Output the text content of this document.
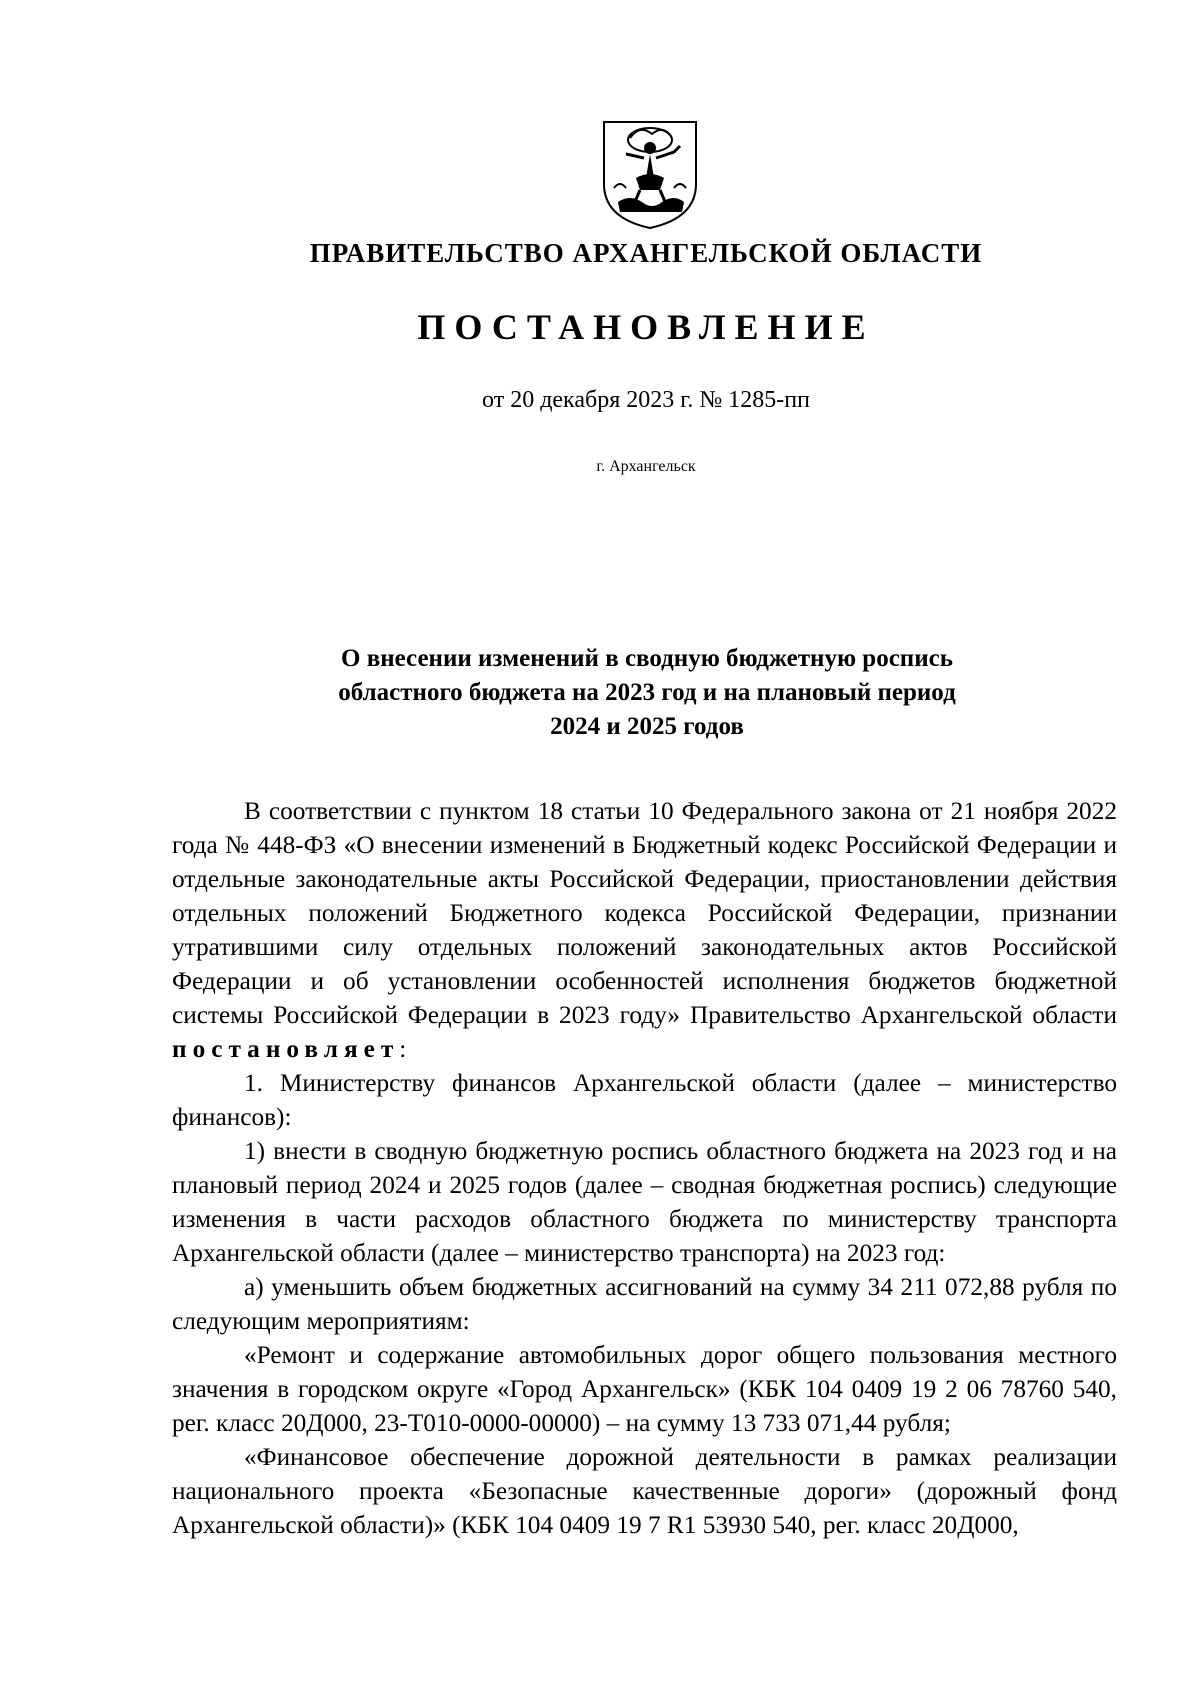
ПРАВИТЕЛЬСТВО АРХАНГЕЛЬСКОЙ ОБЛАСТИ
ПОСТАНОВЛЕНИЕ
от 20 декабря 2023 г. № 1285-пп
г. Архангельск
О внесении изменений в сводную бюджетную роспись
областного бюджета на 2023 год и на плановый период
2024 и 2025 годов

В соответствии с пунктом 18 статьи 10 Федерального закона от 21 ноября 2022 года № 448-ФЗ «О внесении изменений в Бюджетный кодекс Российской Федерации и отдельные законодательные акты Российской Федерации, приостановлении действия отдельных положений Бюджетного кодекса Российской Федерации, признании утратившими силу отдельных положений законодательных актов Российской Федерации и об установлении особенностей исполнения бюджетов бюджетной системы Российской Федерации в 2023 году» Правительство Архангельской области постановляет:

1. Министерству финансов Архангельской области (далее – министерство финансов):

1) внести в сводную бюджетную роспись областного бюджета на 2023 год и на плановый период 2024 и 2025 годов (далее – сводная бюджетная роспись) следующие изменения в части расходов областного бюджета по министерству транспорта Архангельской области (далее – министерство транспорта) на 2023 год:

а) уменьшить объем бюджетных ассигнований на сумму 34 211 072,88 рубля по следующим мероприятиям:

«Ремонт и содержание автомобильных дорог общего пользования местного значения в городском округе «Город Архангельск» (КБК 104 0409 19 2 06 78760 540, рег. класс 20Д000, 23-Т010-0000-00000) – на сумму 13 733 071,44 рубля;

«Финансовое обеспечение дорожной деятельности в рамках реализации национального проекта «Безопасные качественные дороги» (дорожный фонд Архангельской области)» (КБК 104 0409 19 7 R1 53930 540, рег. класс 20Д000,
